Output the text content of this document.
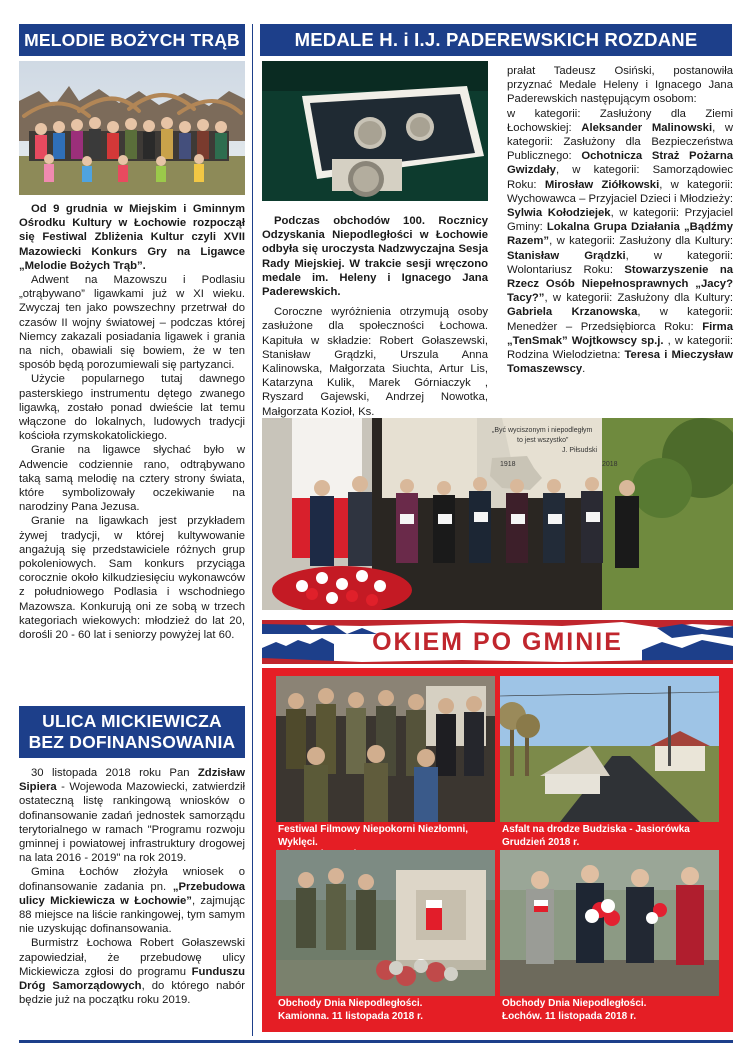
MELODIE BOŻYCH TRĄB

Od 9 grudnia w Miejskim i Gminnym Ośrodku Kultury w Łochowie rozpoczął się Festiwal Zbliżenia Kultur czyli XVII Mazowiecki Konkurs Gry na Ligawce „Melodie Bożych Trąb”.

Adwent na Mazowszu i Podlasiu „otrąbywano” ligawkami już w XI wieku. Zwyczaj ten jako powszechny przetrwał do czasów II wojny światowej – podczas której Niemcy zakazali posiadania ligawek i grania na nich, obawiali się bowiem, że w ten sposób będą porozumiewali się partyzanci.

Użycie popularnego tutaj dawnego pasterskiego instrumentu dętego zwanego ligawką, zostało ponad dwieście lat temu włączone do lokalnych, ludowych tradycji kościoła rzymskokatolickiego.

Granie na ligawce słychać było w Adwencie codziennie rano, odtrąbywano taką samą melodię na cztery strony świata, które symbolizowały oczekiwanie na narodziny Pana Jezusa.

Granie na ligawkach jest przykładem żywej tradycji, w której kultywowanie angażują się przedstawiciele różnych grup pokoleniowych. Sam konkurs przyciąga corocznie około kilkudziesięciu wykonawców z południowego Podlasia i wschodniego Mazowsza. Konkurują oni ze sobą w trzech kategoriach wiekowych: młodzież do lat 20, dorośli 20 - 60 lat i seniorzy powyżej lat 60.

ULICA MICKIEWICZA
BEZ DOFINANSOWANIA

30 listopada 2018 roku Pan Zdzisław Sipiera - Wojewoda Mazowiecki, zatwierdził ostateczną listę rankingową wniosków o dofinansowanie zadań jednostek samorządu terytorialnego w ramach "Programu rozwoju gminnej i powiatowej infrastruktury drogowej na lata 2016 - 2019" na rok 2019.

Gmina Łochów złożyła wniosek o dofinansowanie zadania pn. „Przebudowa ulicy Mickiewicza w Łochowie”, zajmując 88 miejsce na liście rankingowej, tym samym nie uzyskując dofinansowania.

Burmistrz Łochowa Robert Gołaszewski zapowiedział, że przebudowę ulicy Mickiewicza zgłosi do programu Funduszu Dróg Samorządowych, do którego nabór będzie już na początku roku 2019.

MEDALE H. i I.J. PADEREWSKICH ROZDANE

Podczas obchodów 100. Rocznicy Odzyskania Niepodległości w Łochowie odbyła się uroczysta Nadzwyczajna Sesja Rady Miejskiej. W trakcie sesji wręczono medale im. Heleny i Ignacego Jana Paderewskich.

Coroczne wyróżnienia otrzymują osoby zasłużone dla społeczności Łochowa. Kapituła w składzie: Robert Gołaszewski, Stanisław Grądzki, Urszula Anna Kalinowska, Małgorzata Siuchta, Artur Lis, Katarzyna Kulik, Marek Górniaczyk , Ryszard Gajewski, Andrzej Nowotka, Małgorzata Kozioł, Ks.

prałat Tadeusz Osiński, postanowiła przyznać Medale Heleny i Ignacego Jana Paderewskich następującym osobom:

w kategorii: Zasłużony dla Ziemi Łochowskiej: Aleksander Malinowski, w kategorii: Zasłużony dla Bezpieczeństwa Publicznego: Ochotnicza Straż Pożarna Gwizdały, w kategorii: Samorządowiec Roku: Mirosław Ziółkowski, w kategorii: Wychowawca – Przyjaciel Dzieci i Młodzieży: Sylwia Kołodziejek, w kategorii: Przyjaciel Gminy: Lokalna Grupa Działania „Bądźmy Razem”, w kategorii: Zasłużony dla Kultury: Stanisław Grądzki, w kategorii: Wolontariusz Roku: Stowarzyszenie na Rzecz Osób Niepełnosprawnych „Jacy? Tacy?”, w kategorii: Zasłużony dla Kultury: Gabriela Krzanowska, w kategorii: Menedżer – Przedsiębiorca Roku: Firma „TenSmak” Wojtkowscy sp.j. , w kategorii: Rodzina Wielodzietna: Teresa i Mieczysław Tomaszewscy.

„Być wyciszonym i niepodległym
to jest wszystko”
J. Piłsudski
1918	2018
OKIEM PO GMINIE
Festiwal Filmowy Niepokorni Niezłomni, Wyklęci.
Asfalt na drodze Budziska - Jasiorówka
Grudzień 2018 r.
Obchody Dnia Niepodległości.
Kamionna. 11 listopada 2018 r.
Obchody Dnia Niepodległości.
Łochów. 11 listopada 2018 r.
